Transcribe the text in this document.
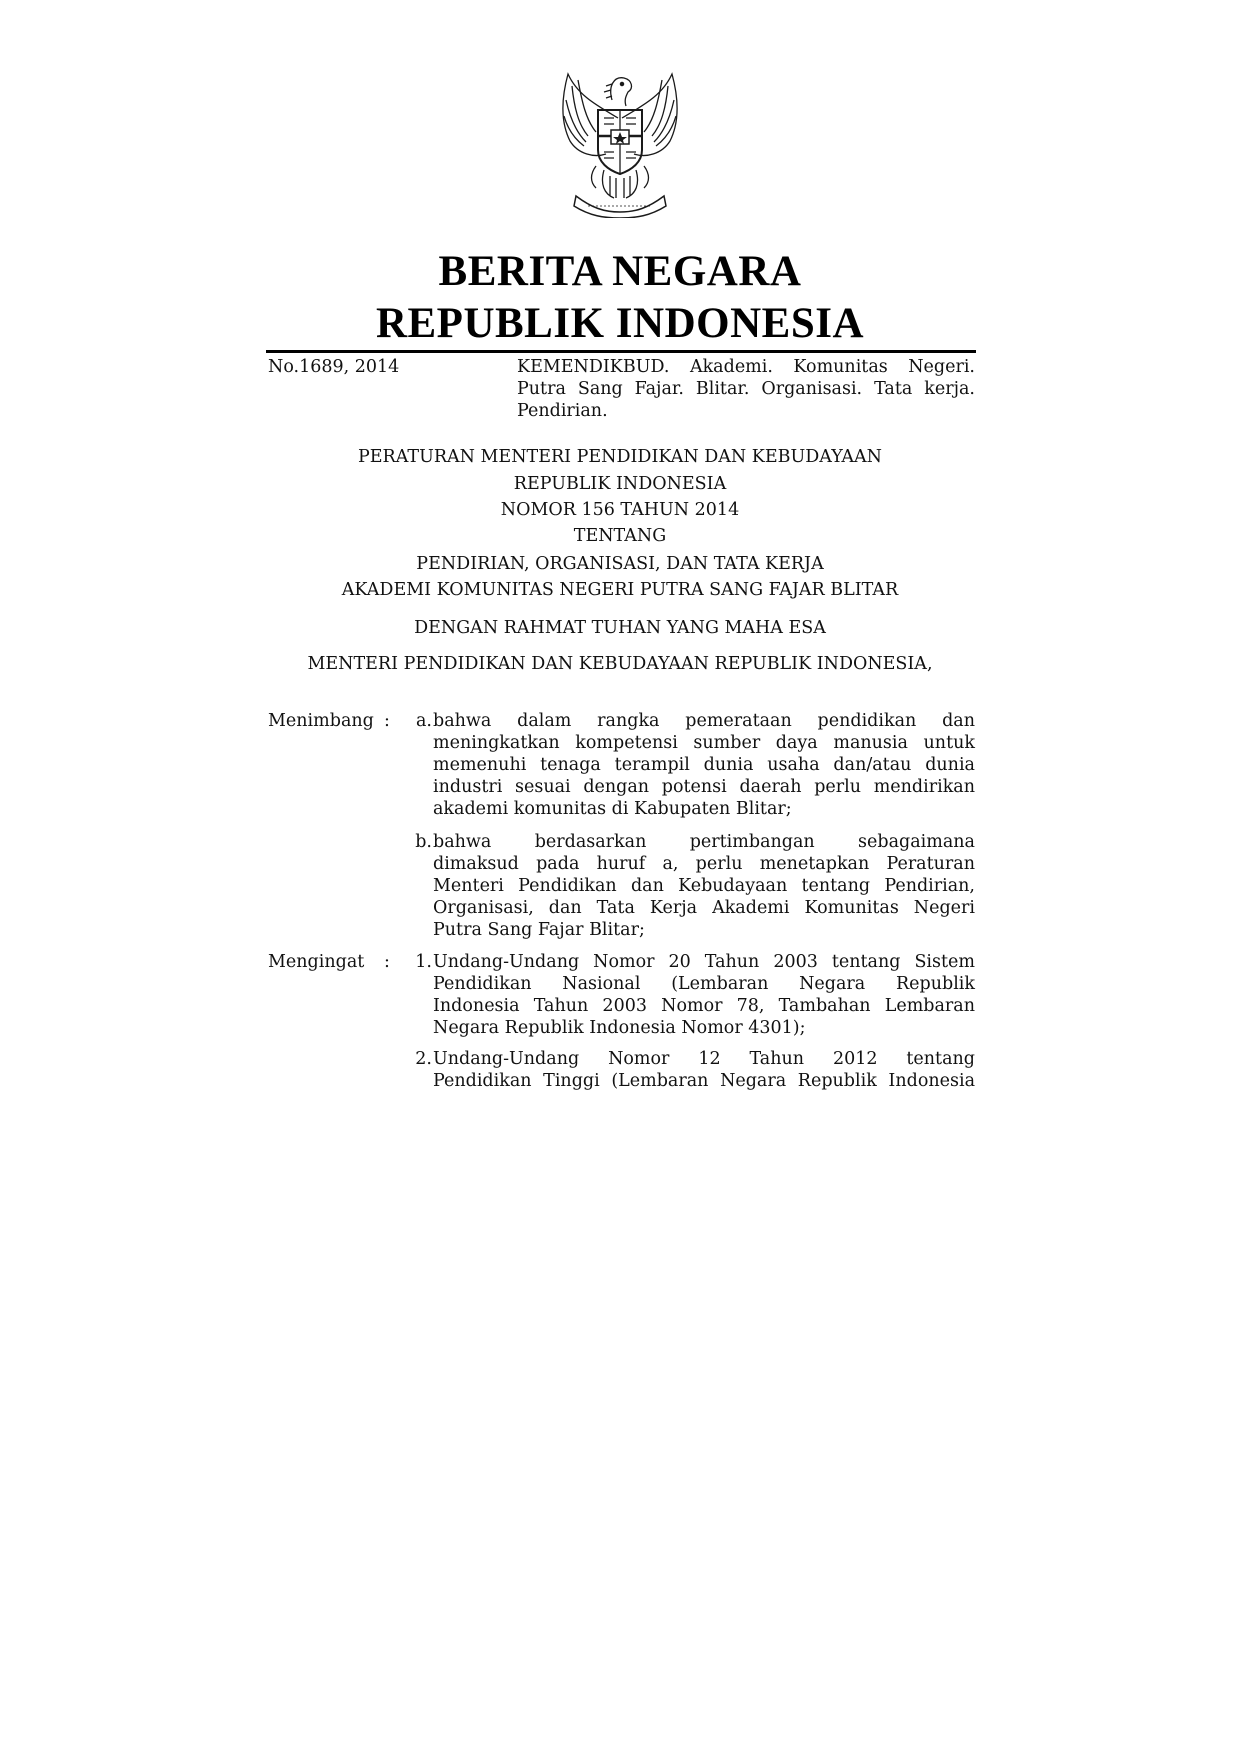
BERITA NEGARA
REPUBLIK INDONESIA
No.1689, 2014	KEMENDIKBUD. Akademi. Komunitas Negeri.
Putra Sang Fajar. Blitar. Organisasi. Tata kerja.
Pendirian.
PERATURAN MENTERI PENDIDIKAN DAN KEBUDAYAAN
REPUBLIK INDONESIA
NOMOR 156 TAHUN 2014
TENTANG
PENDIRIAN, ORGANISASI, DAN TATA KERJA
AKADEMI KOMUNITAS NEGERI PUTRA SANG FAJAR BLITAR
DENGAN RAHMAT TUHAN YANG MAHA ESA
MENTERI PENDIDIKAN DAN KEBUDAYAAN REPUBLIK INDONESIA,
Menimbang :	a. bahwa dalam rangka pemerataan pendidikan dan
meningkatkan kompetensi sumber daya manusia untuk
memenuhi tenaga terampil dunia usaha dan/atau dunia
industri sesuai dengan potensi daerah perlu mendirikan
akademi komunitas di Kabupaten Blitar;
b. bahwa berdasarkan pertimbangan sebagaimana
dimaksud pada huruf a, perlu menetapkan Peraturan
Menteri Pendidikan dan Kebudayaan tentang Pendirian,
Organisasi, dan Tata Kerja Akademi Komunitas Negeri
Putra Sang Fajar Blitar;
Mengingat :	1. Undang-Undang Nomor 20 Tahun 2003 tentang Sistem
Pendidikan Nasional (Lembaran Negara Republik
Indonesia Tahun 2003 Nomor 78, Tambahan Lembaran
Negara Republik Indonesia Nomor 4301);
2. Undang-Undang Nomor 12 Tahun 2012 tentang
Pendidikan Tinggi (Lembaran Negara Republik Indonesia
